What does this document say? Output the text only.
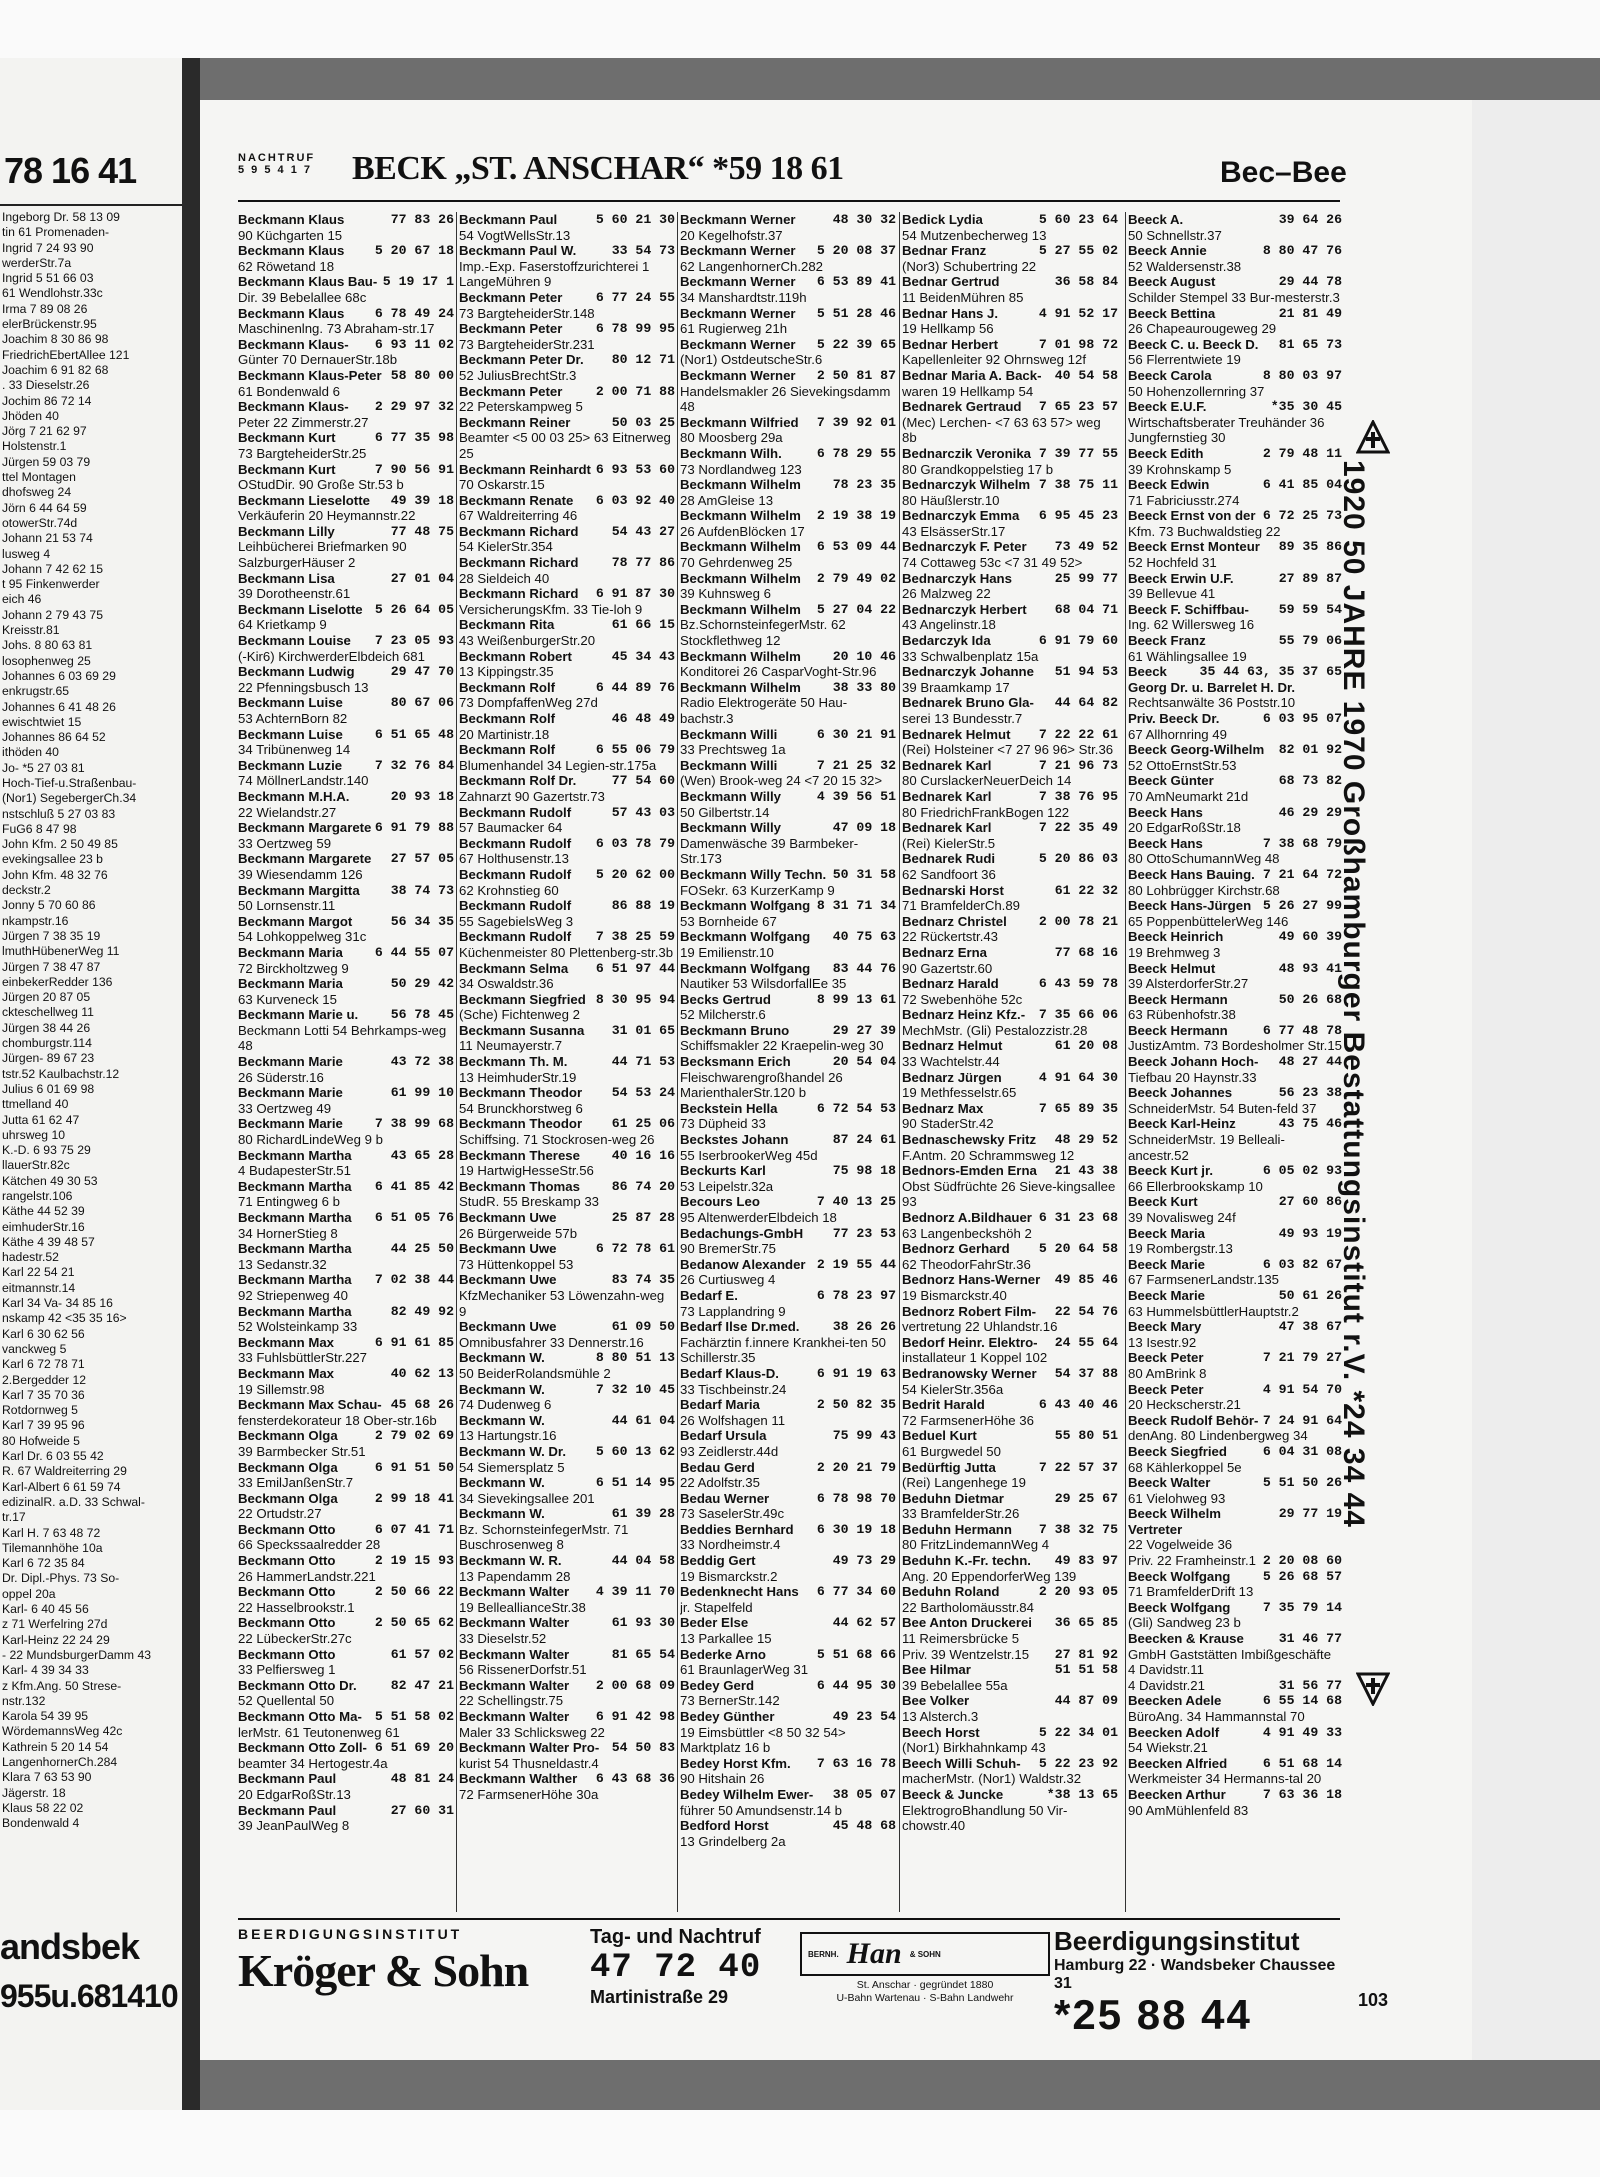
78 16 41
Ingeborg Dr. 58 13 09
tin 61 Promenaden-
Ingrid 7 24 93 90
werderStr.7a
Ingrid 5 51 66 03
61 Wendlohstr.33c
Irma 7 89 08 26
elerBrückenstr.95
Joachim 8 30 86 98
FriedrichEbertAllee 121
Joachim 6 91 82 68
. 33 Dieselstr.26
Jochim 86 72 14
Jhöden 40
Jörg 7 21 62 97
Holstenstr.1
Jürgen 59 03 79
ttel Montagen
dhofsweg 24
Jörn 6 44 64 59
otowerStr.74d
Johann 21 53 74
lusweg 4
Johann 7 42 62 15
t 95 Finkenwerder
eich 46
Johann 2 79 43 75
Kreisstr.81
Johs. 8 80 63 81
losophenweg 25
Johannes 6 03 69 29
enkrugstr.65
Johannes 6 41 48 26
ewischtwiet 15
Johannes 86 64 52
ithöden 40
Jo- *5 27 03 81
Hoch-Tief-u.Straßenbau-
(Nor1) SegebergerCh.34
nstschluß 5 27 03 83
FuG6 8 47 98
John Kfm. 2 50 49 85
evekingsallee 23 b
John Kfm. 48 32 76
deckstr.2
Jonny 5 70 60 86
nkampstr.16
Jürgen 7 38 35 19
lmuthHübenerWeg 11
Jürgen 7 38 47 87
einbekerRedder 136
Jürgen 20 87 05
ckteschellweg 11
Jürgen 38 44 26
chomburgstr.114
Jürgen- 89 67 23
tstr.52 Kaulbachstr.12
Julius 6 01 69 98
ttmelland 40
Jutta 61 62 47
uhrsweg 10
K.-D. 6 93 75 29
llauerStr.82c
Kätchen 49 30 53
rangelstr.106
Käthe 44 52 39
eimhuderStr.16
Käthe 4 39 48 57
hadestr.52
Karl 22 54 21
eitmannstr.14
Karl 34 Va- 34 85 16
nskamp 42 <35 35 16>
Karl 6 30 62 56
vanckweg 5
Karl 6 72 78 71
2.Bergedder 12
Karl 7 35 70 36
Rotdornweg 5
Karl 7 39 95 96
80 Hofweide 5
Karl Dr. 6 03 55 42
R. 67 Waldreiterring 29
Karl-Albert 6 61 59 74
edizinalR. a.D. 33 Schwal-
tr.17
Karl H. 7 63 48 72
Tilemannhöhe 10a
Karl 6 72 35 84
Dr. Dipl.-Phys. 73 So-
oppel 20a
Karl- 6 40 45 56
z 71 Werfelring 27d
Karl-Heinz 22 24 29
- 22 MundsburgerDamm 43
Karl- 4 39 34 33
z Kfm.Ang. 50 Strese-
nstr.132
Karola 54 39 95
WördemannsWeg 42c
Kathrein 5 20 14 54
LangenhornerCh.284
Klara 7 63 53 90
Jägerstr. 18
Klaus 58 22 02
Bondenwald 4
andsbek
955u.681410
NACHTRUF
5 9 5 4 1 7 BECK „ST. ANSCHAR“ *59 18 61	Bec–Bee
77 83 26
Beckmann Klaus
90 Küchgarten 15
5 20 67 18
Beckmann Klaus
62 Röwetand 18
5 19 17 1
Beckmann Klaus Bau-
Dir. 39 Bebelallee 68c
6 78 49 24
Beckmann Klaus
Maschinenlng. 73 Abraham-str.17
6 93 11 02
Beckmann Klaus-
Günter 70 DernauerStr.18b
58 80 00
Beckmann Klaus-Peter
61 Bondenwald 6
2 29 97 32
Beckmann Klaus-
Peter 22 Zimmerstr.27
6 77 35 98
Beckmann Kurt
73 BargteheiderStr.25
7 90 56 91
Beckmann Kurt
OStudDir. 90 Große Str.53 b
49 39 18
Beckmann Lieselotte
Verkäuferin 20 Heymannstr.22
77 48 75
Beckmann Lilly
Leihbücherei Briefmarken 90 SalzburgerHäuser 2
27 01 04
Beckmann Lisa
39 Dorotheenstr.61
5 26 64 05
Beckmann Liselotte
64 Krietkamp 9
7 23 05 93
Beckmann Louise
(-Kir6) KirchwerderElbdeich 681
29 47 70
Beckmann Ludwig
22 Pfenningsbusch 13
80 67 06
Beckmann Luise
53 AchternBorn 82
6 51 65 48
Beckmann Luise
34 Tribünenweg 14
7 32 76 84
Beckmann Luzie
74 MöllnerLandstr.140
20 93 18
Beckmann M.H.A.
22 Wielandstr.27
6 91 79 88
Beckmann Margarete
33 Oertzweg 59
27 57 05
Beckmann Margarete
39 Wiesendamm 126
38 74 73
Beckmann Margitta
50 Lornsenstr.11
56 34 35
Beckmann Margot
54 Lohkoppelweg 31c
6 44 55 07
Beckmann Maria
72 Birckholtzweg 9
50 29 42
Beckmann Maria
63 Kurveneck 15
56 78 45
Beckmann Marie u.
Beckmann Lotti 54 Behrkamps-weg 48
43 72 38
Beckmann Marie
26 Süderstr.16
61 99 10
Beckmann Marie
33 Oertzweg 49
7 38 99 68
Beckmann Marie
80 RichardLindeWeg 9 b
43 65 28
Beckmann Martha
4 BudapesterStr.51
6 41 85 42
Beckmann Martha
71 Entingweg 6 b
6 51 05 76
Beckmann Martha
34 HornerStieg 8
44 25 50
Beckmann Martha
13 Sedanstr.32
7 02 38 44
Beckmann Martha
92 Striepenweg 40
82 49 92
Beckmann Martha
52 Wolsteinkamp 33
6 91 61 85
Beckmann Max
33 FuhlsbüttlerStr.227
40 62 13
Beckmann Max
19 Sillemstr.98
45 68 26
Beckmann Max Schau-
fensterdekorateur 18 Ober-str.16b
2 79 02 69
Beckmann Olga
39 Barmbecker Str.51
6 91 51 50
Beckmann Olga
33 EmilJanßenStr.7
2 99 18 41
Beckmann Olga
22 Ortudstr.27
6 07 41 71
Beckmann Otto
66 Speckssaalredder 28
2 19 15 93
Beckmann Otto
26 HammerLandstr.221
2 50 66 22
Beckmann Otto
22 Hasselbrookstr.1
2 50 65 62
Beckmann Otto
22 LübeckerStr.27c
61 57 02
Beckmann Otto
33 Pelfiersweg 1
82 47 21
Beckmann Otto Dr.
52 Quellental 50
5 51 58 02
Beckmann Otto Ma-
lerMstr. 61 Teutonenweg 61
6 51 69 20
Beckmann Otto Zoll-
beamter 34 Hertogestr.4a
48 81 24
Beckmann Paul
20 EdgarRoßStr.13
27 60 31
Beckmann Paul
39 JeanPaulWeg 8
5 60 21 30
Beckmann Paul
54 VogtWellsStr.13
33 54 73
Beckmann Paul W.
Imp.-Exp. Faserstoffzurichterei 1 LangeMühren 9
6 77 24 55
Beckmann Peter
73 BargteheiderStr.148
6 78 99 95
Beckmann Peter
73 BargteheiderStr.231
80 12 71
Beckmann Peter Dr.
52 JuliusBrechtStr.3
2 00 71 88
Beckmann Peter
22 Peterskampweg 5
50 03 25
Beckmann Reiner
Beamter <5 00 03 25> 63 Eitnerweg 25
6 93 53 60
Beckmann Reinhardt
70 Oskarstr.15
6 03 92 40
Beckmann Renate
67 Waldreiterring 46
54 43 27
Beckmann Richard
54 KielerStr.354
78 77 86
Beckmann Richard
28 Sieldeich 40
6 91 87 30
Beckmann Richard
VersicherungsKfm. 33 Tie-loh 9
61 66 15
Beckmann Rita
43 WeißenburgerStr.20
45 34 43
Beckmann Robert
13 Kippingstr.35
6 44 89 76
Beckmann Rolf
73 DompfaffenWeg 27d
46 48 49
Beckmann Rolf
20 Martinistr.18
6 55 06 79
Beckmann Rolf
Blumenhandel 34 Legien-str.175a
77 54 60
Beckmann Rolf Dr.
Zahnarzt 90 Gazertstr.73
57 43 03
Beckmann Rudolf
57 Baumacker 64
6 03 78 79
Beckmann Rudolf
67 Holthusenstr.13
5 20 62 00
Beckmann Rudolf
62 Krohnstieg 60
86 88 19
Beckmann Rudolf
55 SagebielsWeg 3
7 38 25 59
Beckmann Rudolf
Küchenmeister 80 Plettenberg-str.3b
6 51 97 44
Beckmann Selma
34 Oswaldstr.36
8 30 95 94
Beckmann Siegfried
(Sche) Fichtenweg 2
31 01 65
Beckmann Susanna
11 Neumayerstr.7
44 71 53
Beckmann Th. M.
13 HeimhuderStr.19
54 53 24
Beckmann Theodor
54 Brunckhorstweg 6
61 25 06
Beckmann Theodor
Schiffsing. 71 Stockrosen-weg 26
40 16 16
Beckmann Therese
19 HartwigHesseStr.56
86 74 20
Beckmann Thomas
StudR. 55 Breskamp 33
25 87 28
Beckmann Uwe
26 Bürgerweide 57b
6 72 78 61
Beckmann Uwe
73 Hüttenkoppel 53
83 74 35
Beckmann Uwe
KfzMechaniker 53 Löwenzahn-weg 9
61 09 50
Beckmann Uwe
Omnibusfahrer 33 Dennerstr.16
8 80 51 13
Beckmann W.
50 BeiderRolandsmühle 2
7 32 10 45
Beckmann W.
74 Dudenweg 6
44 61 04
Beckmann W.
13 Hartungstr.16
5 60 13 62
Beckmann W. Dr.
54 Siemersplatz 5
6 51 14 95
Beckmann W.
34 Sievekingsallee 201
61 39 28
Beckmann W.
Bz. SchornsteinfegerMstr. 71 Buschrosenweg 8
44 04 58
Beckmann W. R.
13 Papendamm 28
4 39 11 70
Beckmann Walter
19 BelleallianceStr.38
61 93 30
Beckmann Walter
33 Dieselstr.52
81 65 54
Beckmann Walter
56 RissenerDorfstr.51
2 00 68 09
Beckmann Walter
22 Schellingstr.75
6 91 42 98
Beckmann Walter
Maler 33 Schlicksweg 22
54 50 83
Beckmann Walter Pro-
kurist 54 Thusneldastr.4
6 43 68 36
Beckmann Walther
72 FarmsenerHöhe 30a
48 30 32
Beckmann Werner
20 Kegelhofstr.37
5 20 08 37
Beckmann Werner
62 LangenhornerCh.282
6 53 89 41
Beckmann Werner
34 Manshardtstr.119h
5 51 28 46
Beckmann Werner
61 Rugierweg 21h
5 22 39 65
Beckmann Werner
(Nor1) OstdeutscheStr.6
2 50 81 87
Beckmann Werner
Handelsmakler 26 Sievekingsdamm 48
7 39 92 01
Beckmann Wilfried
80 Moosberg 29a
6 78 29 55
Beckmann Wilh.
73 Nordlandweg 123
78 23 35
Beckmann Wilhelm
28 AmGleise 13
2 19 38 19
Beckmann Wilhelm
26 AufdenBlöcken 17
6 53 09 44
Beckmann Wilhelm
70 Gehrdenweg 25
2 79 49 02
Beckmann Wilhelm
39 Kuhnsweg 6
5 27 04 22
Beckmann Wilhelm
Bz.SchornsteinfegerMstr. 62 Stockflethweg 12
20 10 46
Beckmann Wilhelm
Konditorei 26 CasparVoght-Str.96
38 33 80
Beckmann Wilhelm
Radio Elektrogeräte 50 Hau-bachstr.3
6 30 21 91
Beckmann Willi
33 Prechtsweg 1a
7 21 25 32
Beckmann Willi
(Wen) Brook-weg 24 <7 20 15 32>
4 39 56 51
Beckmann Willy
50 Gilbertstr.14
47 09 18
Beckmann Willy
Damenwäsche 39 Barmbeker-Str.173
50 31 58
Beckmann Willy Techn.
FOSekr. 63 KurzerKamp 9
8 31 71 34
Beckmann Wolfgang
53 Bornheide 67
40 75 63
Beckmann Wolfgang
19 Emilienstr.10
83 44 76
Beckmann Wolfgang
Nautiker 53 WilsdorfallEe 35
8 99 13 61
Becks Gertrud
52 Milcherstr.6
29 27 39
Beckmann Bruno
Schiffsmakler 22 Kraepelin-weg 30
20 54 04
Becksmann Erich
Fleischwarengroßhandel 26 MarienthalerStr.120 b
6 72 54 53
Beckstein Hella
73 Düpheid 33
87 24 61
Beckstes Johann
55 IserbrookerWeg 45d
75 98 18
Beckurts Karl
53 Leipelstr.32a
7 40 13 25
Becours Leo
95 AltenwerderElbdeich 18
77 23 53
Bedachungs-GmbH
90 BremerStr.75
2 19 55 44
Bedanow Alexander
26 Curtiusweg 4
6 78 23 97
Bedarf E.
73 Lapplandring 9
38 26 26
Bedarf Ilse Dr.med.
Fachärztin f.innere Krankhei-ten 50 Schillerstr.35
6 91 19 63
Bedarf Klaus-D.
33 Tischbeinstr.24
2 50 82 35
Bedarf Maria
26 Wolfshagen 11
75 99 43
Bedarf Ursula
93 Zeidlerstr.44d
2 20 21 79
Bedau Gerd
22 Adolfstr.35
6 78 98 70
Bedau Werner
73 SaselerStr.49c
6 30 19 18
Beddies Bernhard
33 Nordheimstr.4
49 73 29
Beddig Gert
19 Bismarckstr.2
6 77 34 60
Bedenknecht Hans
jr. Stapelfeld
44 62 57
Beder Else
13 Parkallee 15
5 51 68 66
Bederke Arno
61 BraunlagerWeg 31
6 44 95 30
Bedey Gerd
73 BernerStr.142
49 23 54
Bedey Günther
19 Eimsbüttler <8 50 32 54> Marktplatz 16 b
7 63 16 78
Bedey Horst Kfm.
90 Hitshain 26
38 05 07
Bedey Wilhelm Ewer-
führer 50 Amundsenstr.14 b
45 48 68
Bedford Horst
13 Grindelberg 2a
5 60 23 64
Bedick Lydia
54 Mutzenbecherweg 13
5 27 55 02
Bednar Franz
(Nor3) Schubertring 22
36 58 84
Bednar Gertrud
11 BeidenMühren 85
4 91 52 17
Bednar Hans J.
19 Hellkamp 56
7 01 98 72
Bednar Herbert
Kapellenleiter 92 Ohrnsweg 12f
40 54 58
Bednar Maria A. Back-
waren 19 Hellkamp 54
7 65 23 57
Bednarek Gertraud
(Mec) Lerchen- <7 63 63 57> weg 8b
7 39 77 55
Bednarczik Veronika
80 Grandkoppelstieg 17 b
7 38 75 11
Bednarczyk Wilhelm
80 Häußlerstr.10
6 95 45 23
Bednarczyk Emma
43 ElsässerStr.17
73 49 52
Bednarczyk F. Peter
74 Cottaweg 53c <7 31 49 52>
25 99 77
Bednarczyk Hans
26 Malzweg 22
68 04 71
Bednarczyk Herbert
43 Angelinstr.18
6 91 79 60
Bedarczyk Ida
33 Schwalbenplatz 15a
51 94 53
Bednarczyk Johanne
39 Braamkamp 17
44 64 82
Bednarek Bruno Gla-
serei 13 Bundesstr.7
7 22 22 61
Bednarek Helmut
(Rei) Holsteiner <7 27 96 96> Str.36
7 21 96 73
Bednarek Karl
80 CurslackerNeuerDeich 14
7 38 76 95
Bednarek Karl
80 FriedrichFrankBogen 122
7 22 35 49
Bednarek Karl
(Rei) KielerStr.5
5 20 86 03
Bednarek Rudi
62 Sandfoort 36
61 22 32
Bednarski Horst
71 BramfelderCh.89
2 00 78 21
Bednarz Christel
22 Rückertstr.43
77 68 16
Bednarz Erna
90 Gazertstr.60
6 43 59 78
Bednarz Harald
72 Swebenhöhe 52c
7 35 66 06
Bednarz Heinz Kfz.-
MechMstr. (Gli) Pestalozzistr.28
61 20 08
Bednarz Helmut
33 Wachtelstr.44
4 91 64 30
Bednarz Jürgen
19 Methfesselstr.65
7 65 89 35
Bednarz Max
90 StaderStr.42
48 29 52
Bednaschewsky Fritz
F.Antm. 20 Schrammsweg 12
21 43 38
Bednors-Emden Erna
Obst Südfrüchte 26 Sieve-kingsallee 93
6 31 23 68
Bednorz A.Bildhauer
63 Langenbeckshöh 2
5 20 64 58
Bednorz Gerhard
62 TheodorFahrStr.36
49 85 46
Bednorz Hans-Werner
19 Bismarckstr.40
22 54 76
Bednorz Robert Film-
vertretung 22 Uhlandstr.16
24 55 64
Bedorf Heinr. Elektro-
installateur 1 Koppel 102
54 37 88
Bedranowsky Werner
54 KielerStr.356a
6 43 40 46
Bedrit Harald
72 FarmsenerHöhe 36
55 80 51
Beduel Kurt
61 Burgwedel 50
7 22 57 37
Bedürftig Jutta
(Rei) Langenhege 19
29 25 67
Beduhn Dietmar
33 BramfelderStr.26
7 38 32 75
Beduhn Hermann
80 FritzLindemannWeg 4
49 83 97
Beduhn K.-Fr. techn.
Ang. 20 EppendorferWeg 139
2 20 93 05
Beduhn Roland
22 Bartholomäusstr.84
36 65 85
Bee Anton Druckerei
11 Reimersbrücke 5
27 81 92
Priv. 39 Wentzelstr.15
51 51 58
Bee Hilmar
39 Bebelallee 55a
44 87 09
Bee Volker
13 Alsterch.3
5 22 34 01
Beech Horst
(Nor1) Birkhahnkamp 43
5 22 23 92
Beech Willi Schuh-
macherMstr. (Nor1) Waldstr.32
*38 13 65
Beeck & Juncke
ElektrogroBhandlung 50 Vir-chowstr.40
39 64 26
Beeck A.
50 Schnellstr.37
8 80 47 76
Beeck Annie
52 Waldersenstr.38
29 44 78
Beeck August
Schilder Stempel 33 Bur-mesterstr.3
21 81 49
Beeck Bettina
26 Chapeaurougeweg 29
81 65 73
Beeck C. u. Beeck D.
56 Flerrentwiete 19
8 80 03 97
Beeck Carola
50 Hohenzollernring 37
*35 30 45
Beeck E.U.F.
Wirtschaftsberater Treuhänder 36 Jungfernstieg 30
2 79 48 11
Beeck Edith
39 Krohnskamp 5
6 41 85 04
Beeck Edwin
71 Fabriciusstr.274
6 72 25 73
Beeck Ernst von der
Kfm. 73 Buchwaldstieg 22
89 35 86
Beeck Ernst Monteur
52 Hochfeld 31
27 89 87
Beeck Erwin U.F.
39 Bellevue 41
59 59 54
Beeck F. Schiffbau-
Ing. 62 Willersweg 16
55 79 06
Beeck Franz
61 Wählingsallee 19
35 44 63, 35 37 65
Beeck Georg Dr. u. Barrelet H. Dr.
Rechtsanwälte 36 Poststr.10
6 03 95 07
Priv. Beeck Dr.
67 Allhornring 49
82 01 92
Beeck Georg-Wilhelm
52 OttoErnstStr.53
68 73 82
Beeck Günter
70 AmNeumarkt 21d
46 29 29
Beeck Hans
20 EdgarRoßStr.18
7 38 68 79
Beeck Hans
80 OttoSchumannWeg 48
7 21 64 72
Beeck Hans Bauing.
80 Lohbrügger Kirchstr.68
5 26 27 99
Beeck Hans-Jürgen
65 PoppenbüttelerWeg 146
49 60 39
Beeck Heinrich
19 Brehmweg 3
48 93 41
Beeck Helmut
39 AlsterdorferStr.27
50 26 68
Beeck Hermann
63 Rübenhofstr.38
6 77 48 78
Beeck Hermann
JustizAmtm. 73 Bordesholmer Str.15
48 27 44
Beeck Johann Hoch-
Tiefbau 20 Haynstr.33
56 23 38
Beeck Johannes
SchneiderMstr. 54 Buten-feld 37
43 75 46
Beeck Karl-Heinz
SchneiderMstr. 19 Belleali-ancestr.52
6 05 02 93
Beeck Kurt jr.
66 Ellerbrookskamp 10
27 60 86
Beeck Kurt
39 Novalisweg 24f
49 93 19
Beeck Maria
19 Rombergstr.13
6 03 82 67
Beeck Marie
67 FarmsenerLandstr.135
50 61 26
Beeck Marie
63 HummelsbüttlerHauptstr.2
47 38 67
Beeck Mary
13 Isestr.92
7 21 79 27
Beeck Peter
80 AmBrink 8
4 91 54 70
Beeck Peter
20 Heckscherstr.21
7 24 91 64
Beeck Rudolf Behör-
denAng. 80 Lindenbergweg 34
6 04 31 08
Beeck Siegfried
68 Kählerkoppel 5e
5 51 50 26
Beeck Walter
61 Vielohweg 93
29 77 19
Beeck Wilhelm Vertreter
22 Vogelweide 36
2 20 08 60
Priv. 22 Framheinstr.1
5 26 68 57
Beeck Wolfgang
71 BramfelderDrift 13
7 35 79 14
Beeck Wolfgang
(Gli) Sandweg 23 b
31 46 77
Beecken & Krause
GmbH Gaststätten Imbißgeschäfte 4 Davidstr.11
31 56 77
4 Davidstr.21
6 55 14 68
Beecken Adele
BüroAng. 34 Hammannstal 70
4 91 49 33
Beecken Adolf
54 Wiekstr.21
6 51 68 14
Beecken Alfried
Werkmeister 34 Hermanns-tal 20
7 63 36 18
Beecken Arthur
90 AmMühlenfeld 83
1920 50 JAHRE 1970 Großhamburger Bestattungsinstitut r.V. *24 34 44
BEERDIGUNGSINSTITUT
Kröger & Sohn
Tag- und Nachtruf
47 72 40
Martinistraße 29
BERNH. Han & SOHN
St. Anschar · gegründet 1880
U-Bahn Wartenau · S-Bahn Landwehr
Beerdigungsinstitut
Hamburg 22 · Wandsbeker Chaussee 31
*25 88 44	103
